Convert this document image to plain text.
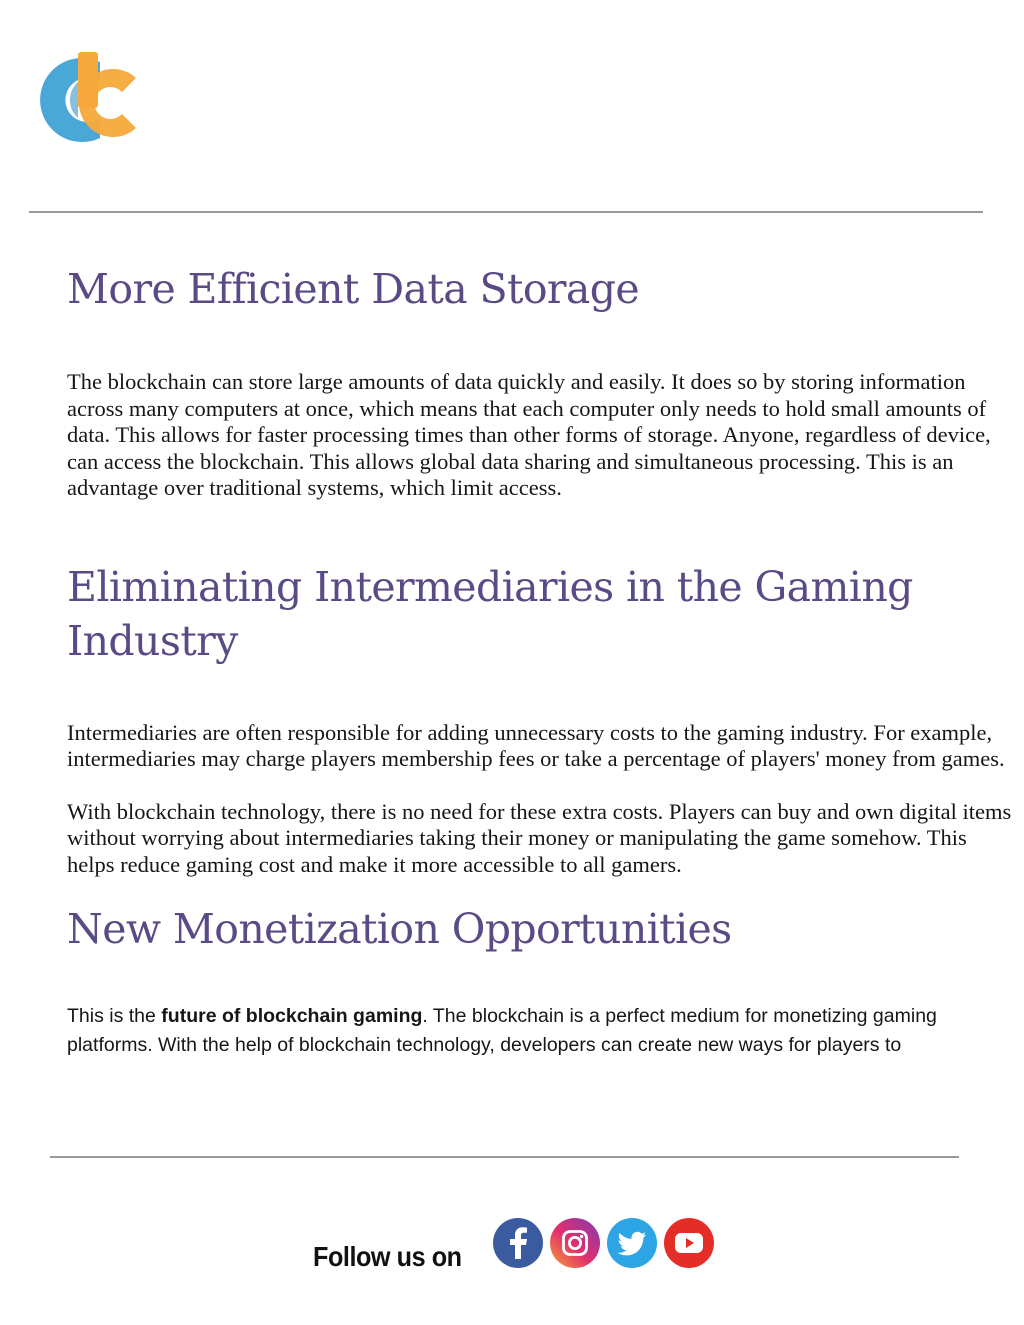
More Efficient Data Storage

The blockchain can store large amounts of data quickly and easily. It does so by storing information across many computers at once, which means that each computer only needs to hold small amounts of data. This allows for faster processing times than other forms of storage. Anyone, regardless of device, can access the blockchain. This allows global data sharing and simultaneous processing. This is an advantage over traditional systems, which limit access.

Eliminating Intermediaries in the Gaming Industry

Intermediaries are often responsible for adding unnecessary costs to the gaming industry. For example, intermediaries may charge players membership fees or take a percentage of players' money from games.

With blockchain technology, there is no need for these extra costs. Players can buy and own digital items without worrying about intermediaries taking their money or manipulating the game somehow. This helps reduce gaming cost and make it more accessible to all gamers.

New Monetization Opportunities

This is the future of blockchain gaming. The blockchain is a perfect medium for monetizing gaming platforms. With the help of blockchain technology, developers can create new ways for players to

Follow us on
